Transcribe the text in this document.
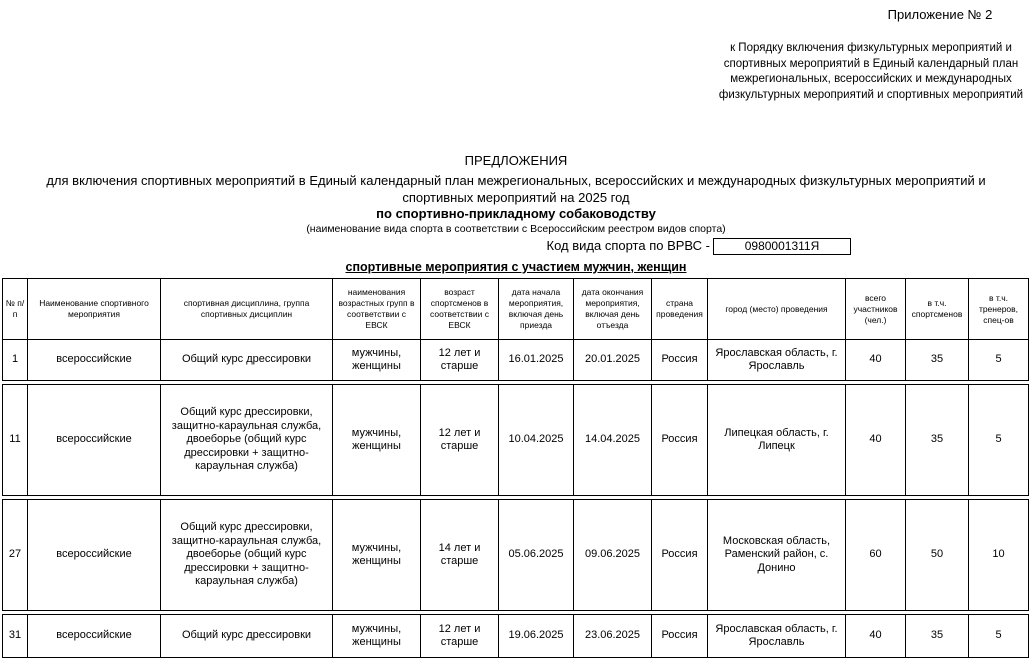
Приложение № 2
к Порядку включения физкультурных мероприятий и спортивных мероприятий в Единый календарный план межрегиональных, всероссийских и международных физкультурных мероприятий и спортивных мероприятий
ПРЕДЛОЖЕНИЯ
для включения спортивных мероприятий в Единый календарный план межрегиональных, всероссийских и международных физкультурных мероприятий и спортивных мероприятий на 2025 год
по спортивно-прикладному собаководству
(наименование вида спорта в соответствии с Всероссийским реестром видов спорта)
Код вида спорта по ВРВС -	0980001311Я
спортивные мероприятия с участием мужчин, женщин
№ п/п	Наименование спортивного мероприятия	спортивная дисциплина, группа спортивных дисциплин	наименования возрастных групп в соответствии с ЕВСК	возраст спортсменов в соответствии с ЕВСК	дата начала мероприятия, включая день приезда	дата окончания мероприятия, включая день отъезда	страна проведения	город (место) проведения	всего участников (чел.)	в т.ч. спортсменов	в т.ч. тренеров, спец-ов
1	всероссийские	Общий курс дрессировки	мужчины, женщины	12 лет и старше	16.01.2025	20.01.2025	Россия	Ярославская область, г. Ярославль	40	35	5

11	всероссийские	Общий курс дрессировки, защитно-караульная служба, двоеборье (общий курс дрессировки + защитно-караульная служба)	мужчины, женщины	12 лет и старше	10.04.2025	14.04.2025	Россия	Липецкая область, г. Липецк	40	35	5

27	всероссийские	Общий курс дрессировки, защитно-караульная служба, двоеборье (общий курс дрессировки + защитно-караульная служба)	мужчины, женщины	14 лет и старше	05.06.2025	09.06.2025	Россия	Московская область, Раменский район, с. Донино	60	50	10

31	всероссийские	Общий курс дрессировки	мужчины, женщины	12 лет и старше	19.06.2025	23.06.2025	Россия	Ярославская область, г. Ярославль	40	35	5
